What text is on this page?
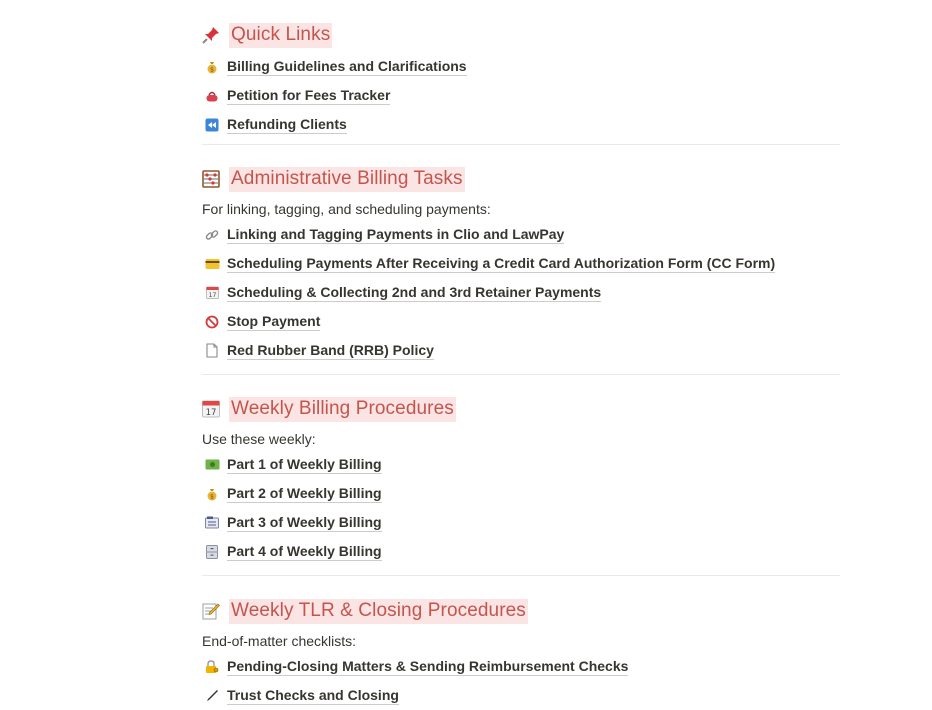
Quick Links
$ Billing Guidelines and Clarifications
Petition for Fees Tracker
Refunding Clients
Administrative Billing Tasks
For linking, tagging, and scheduling payments:
Linking and Tagging Payments in Clio and LawPay
Scheduling Payments After Receiving a Credit Card Authorization Form (CC Form)
17 Scheduling & Collecting 2nd and 3rd Retainer Payments
Stop Payment
Red Rubber Band (RRB) Policy
17 Weekly Billing Procedures
Use these weekly:
Part 1 of Weekly Billing
$ Part 2 of Weekly Billing
Part 3 of Weekly Billing
Part 4 of Weekly Billing
Weekly TLR & Closing Procedures
End-of-matter checklists:
Pending-Closing Matters & Sending Reimbursement Checks
Trust Checks and Closing
